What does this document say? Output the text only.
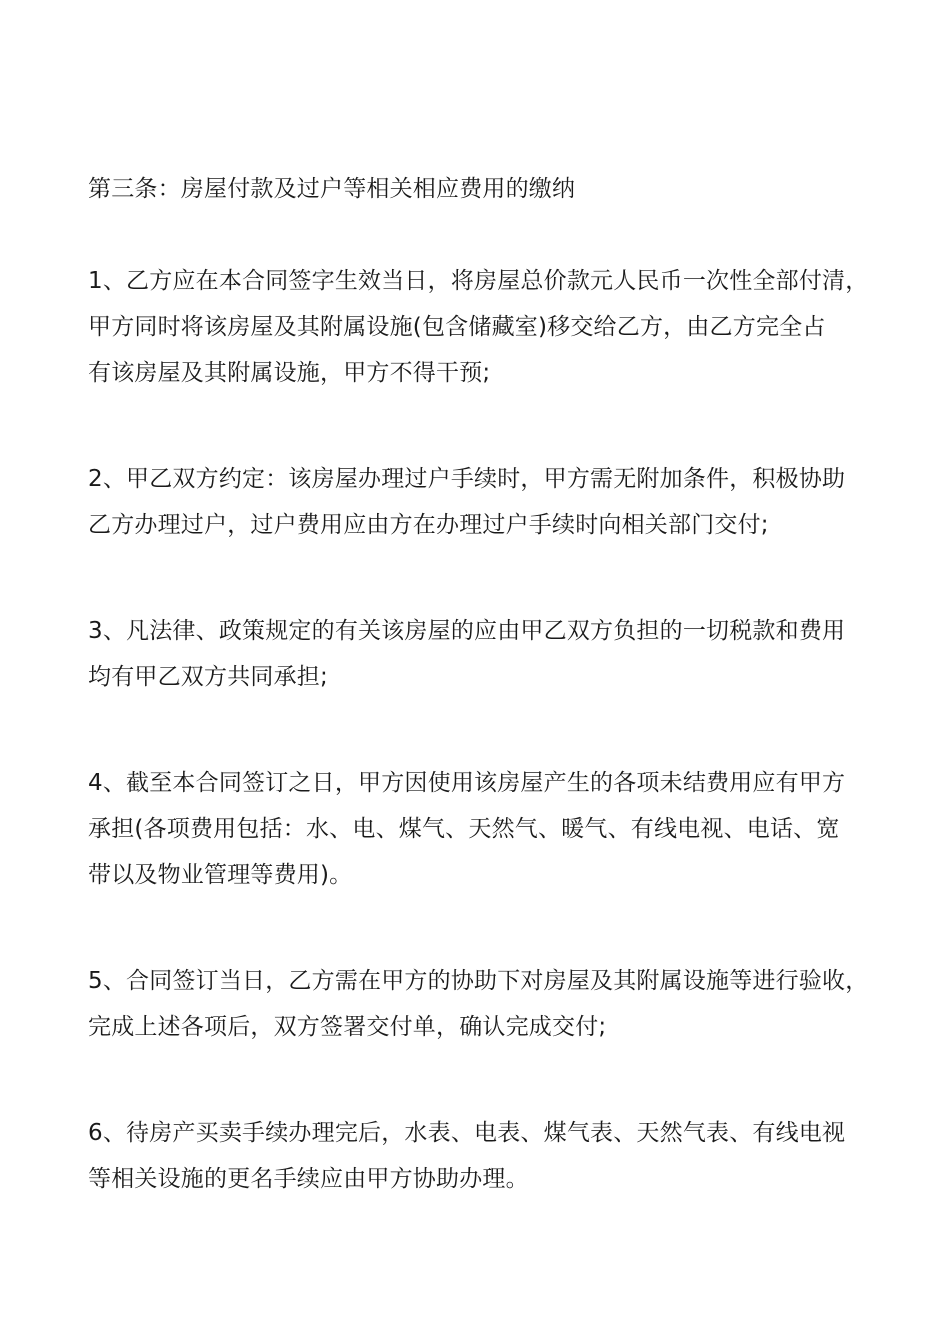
第三条：房屋付款及过户等相关相应费用的缴纳
1、乙方应在本合同签字生效当日，将房屋总价款元人民币一次性全部付清，
甲方同时将该房屋及其附属设施(包含储藏室)移交给乙方，由乙方完全占
有该房屋及其附属设施，甲方不得干预;
2、甲乙双方约定：该房屋办理过户手续时，甲方需无附加条件，积极协助
乙方办理过户，过户费用应由方在办理过户手续时向相关部门交付;
3、凡法律、政策规定的有关该房屋的应由甲乙双方负担的一切税款和费用
均有甲乙双方共同承担;
4、截至本合同签订之日，甲方因使用该房屋产生的各项未结费用应有甲方
承担(各项费用包括：水、电、煤气、天然气、暖气、有线电视、电话、宽
带以及物业管理等费用)。
5、合同签订当日，乙方需在甲方的协助下对房屋及其附属设施等进行验收，
完成上述各项后，双方签署交付单，确认完成交付;
6、待房产买卖手续办理完后，水表、电表、煤气表、天然气表、有线电视
等相关设施的更名手续应由甲方协助办理。
